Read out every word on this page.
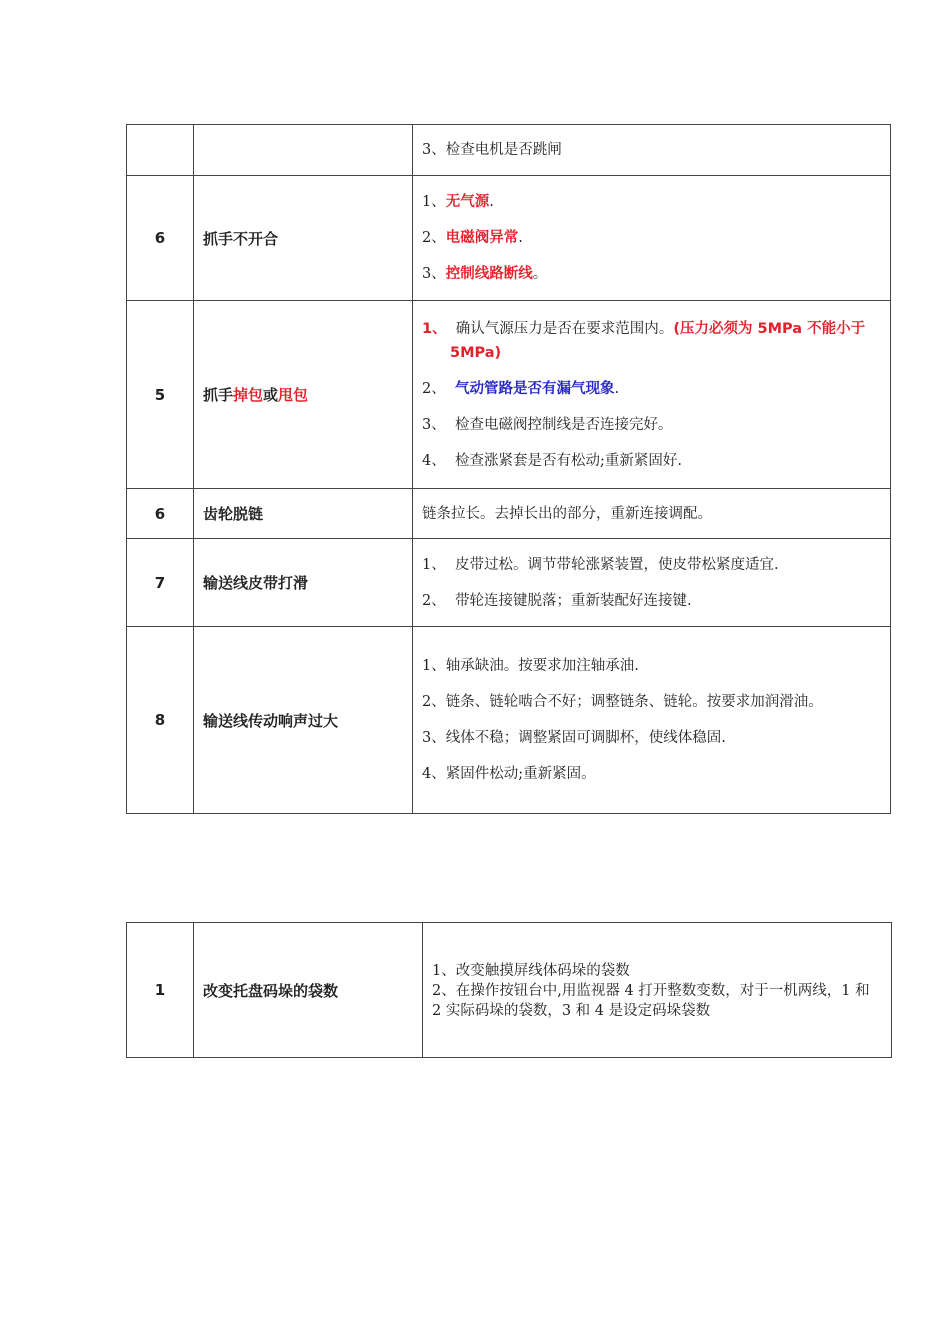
		3、检查电机是否跳闸

6	抓手不开合	1、无气源.
2、电磁阀异常.
3、控制线路断线。

5	抓手掉包或甩包	1、  确认气源压力是否在要求范围内。(压力必须为 5MPa 不能小于 5MPa)
2、  气动管路是否有漏气现象.
3、  检查电磁阀控制线是否连接完好。
4、  检查涨紧套是否有松动;重新紧固好.

6	齿轮脱链	链条拉长。去掉长出的部分，重新连接调配。

7	输送线皮带打滑	1、  皮带过松。调节带轮涨紧装置，使皮带松紧度适宜.
2、  带轮连接键脱落；重新装配好连接键.

8	输送线传动响声过大	1、轴承缺油。按要求加注轴承油.
2、链条、链轮啮合不好；调整链条、链轮。按要求加润滑油。
3、线体不稳；调整紧固可调脚杯，使线体稳固.
4、紧固件松动;重新紧固。
1	改变托盘码垛的袋数	
1、改变触摸屏线体码垛的袋数
2、在操作按钮台中,用监视器 4 打开整数变数，对于一机两线，1 和 2 实际码垛的袋数，3 和 4 是设定码垛袋数
